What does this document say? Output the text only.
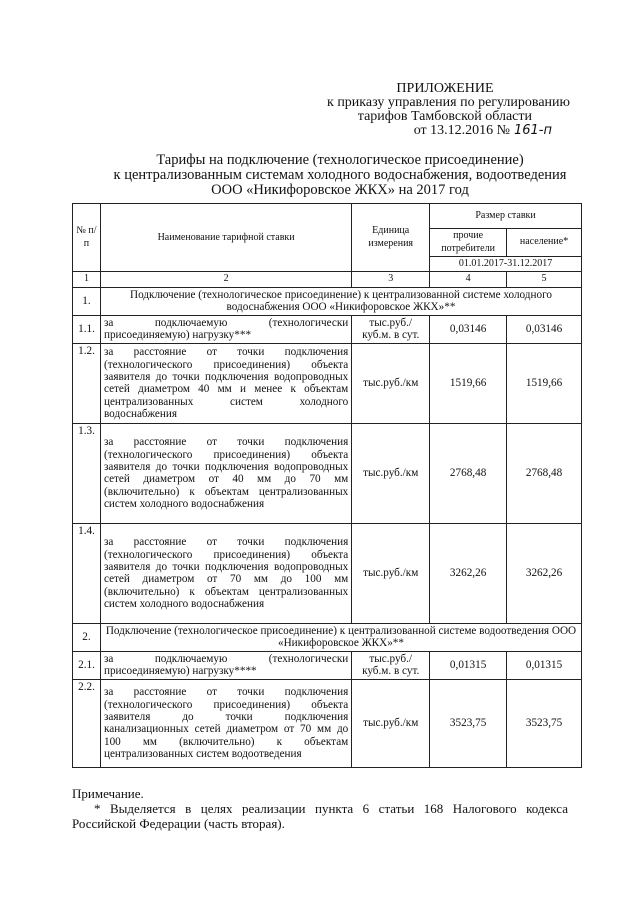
ПРИЛОЖЕНИЕ
к приказу управления по регулированию
тарифов Тамбовской области
от 13.12.2016 № 161-п
Тарифы на подключение (технологическое присоединение)
к централизованным системам холодного водоснабжения, водоотведения
ООО «Никифоровское ЖКХ» на 2017 год
№ п/п	Наименование тарифной ставки	Единица измерения	Размер ставки	
			прочие потребители	население*
			01.01.2017-31.12.2017	
1	2	3	4	5
1.	Подключение (технологическое присоединение) к централизованной системе холодного водоснабжения ООО «Никифоровское ЖКХ»**			
1.1.	за подключаемую (технологически присоединяемую) нагрузку***	тыс.руб./ куб.м. в сут.	0,03146	0,03146
1.2.	за расстояние от точки подключения (технологического присоединения) объекта заявителя до точки подключения водопроводных сетей диаметром 40 мм и менее к объектам централизованных систем холодного водоснабжения	тыс.руб./км	1519,66	1519,66
1.3.	за расстояние от точки подключения (технологического присоединения) объекта заявителя до точки подключения водопроводных сетей диаметром от 40 мм до 70 мм (включительно) к объектам централизованных систем холодного водоснабжения	тыс.руб./км	2768,48	2768,48
1.4.	за расстояние от точки подключения (технологического присоединения) объекта заявителя до точки подключения водопроводных сетей диаметром от 70 мм до 100 мм (включительно) к объектам централизованных систем холодного водоснабжения	тыс.руб./км	3262,26	3262,26
2.	Подключение (технологическое присоединение) к централизованной системе водоотведения ООО «Никифоровское ЖКХ»**			
2.1.	за подключаемую (технологически присоединяемую) нагрузку****	тыс.руб./ куб.м. в сут.	0,01315	0,01315
2.2.	за расстояние от точки подключения (технологического присоединения) объекта заявителя до точки подключения канализационных сетей диаметром от 70 мм до 100 мм (включительно) к объектам централизованных систем водоотведения	тыс.руб./км	3523,75	3523,75

Примечание.

* Выделяется в целях реализации пункта 6 статьи 168 Налогового кодекса Российской Федерации (часть вторая).
